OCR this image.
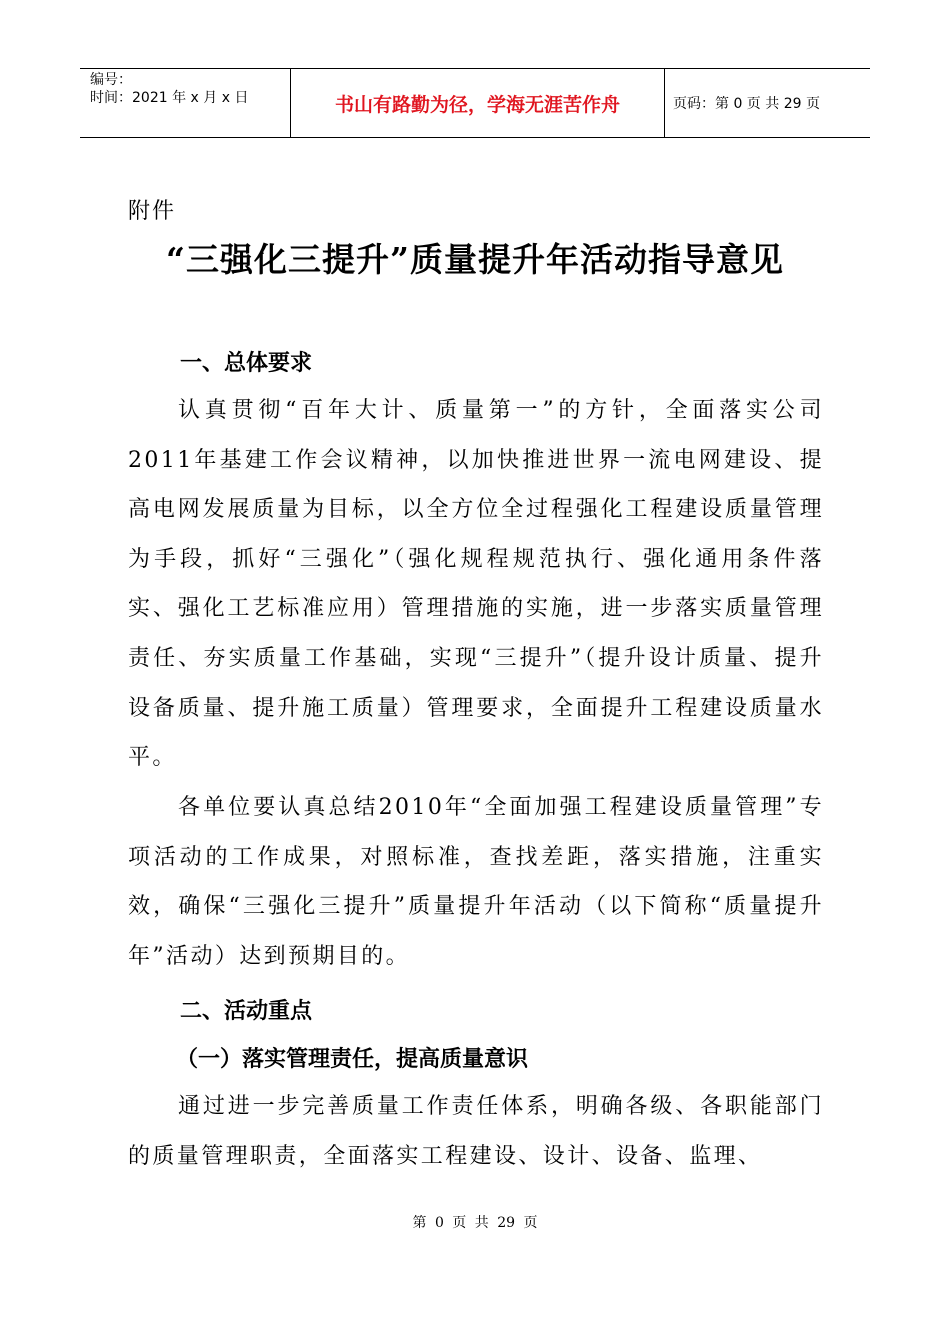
编号：
时间：2021 年 x 月 x 日	书山有路勤为径，学海无涯苦作舟	页码：第 0 页 共 29 页
附件
“三强化三提升”质量提升年活动指导意见
一、总体要求
认真贯彻“百年大计、质量第一”的方针，全面落实公司2011年基建工作会议精神，以加快推进世界一流电网建设、提高电网发展质量为目标，以全方位全过程强化工程建设质量管理为手段，抓好“三强化”（强化规程规范执行、强化通用条件落实、强化工艺标准应用）管理措施的实施，进一步落实质量管理责任、夯实质量工作基础，实现“三提升”（提升设计质量、提升设备质量、提升施工质量）管理要求，全面提升工程建设质量水平。
各单位要认真总结2010年“全面加强工程建设质量管理”专项活动的工作成果，对照标准，查找差距，落实措施，注重实效，确保“三强化三提升”质量提升年活动（以下简称“质量提升年”活动）达到预期目的。
二、活动重点
（一）落实管理责任，提高质量意识
通过进一步完善质量工作责任体系，明确各级、各职能部门的质量管理职责，全面落实工程建设、设计、设备、监理、
第 0 页 共 29 页
